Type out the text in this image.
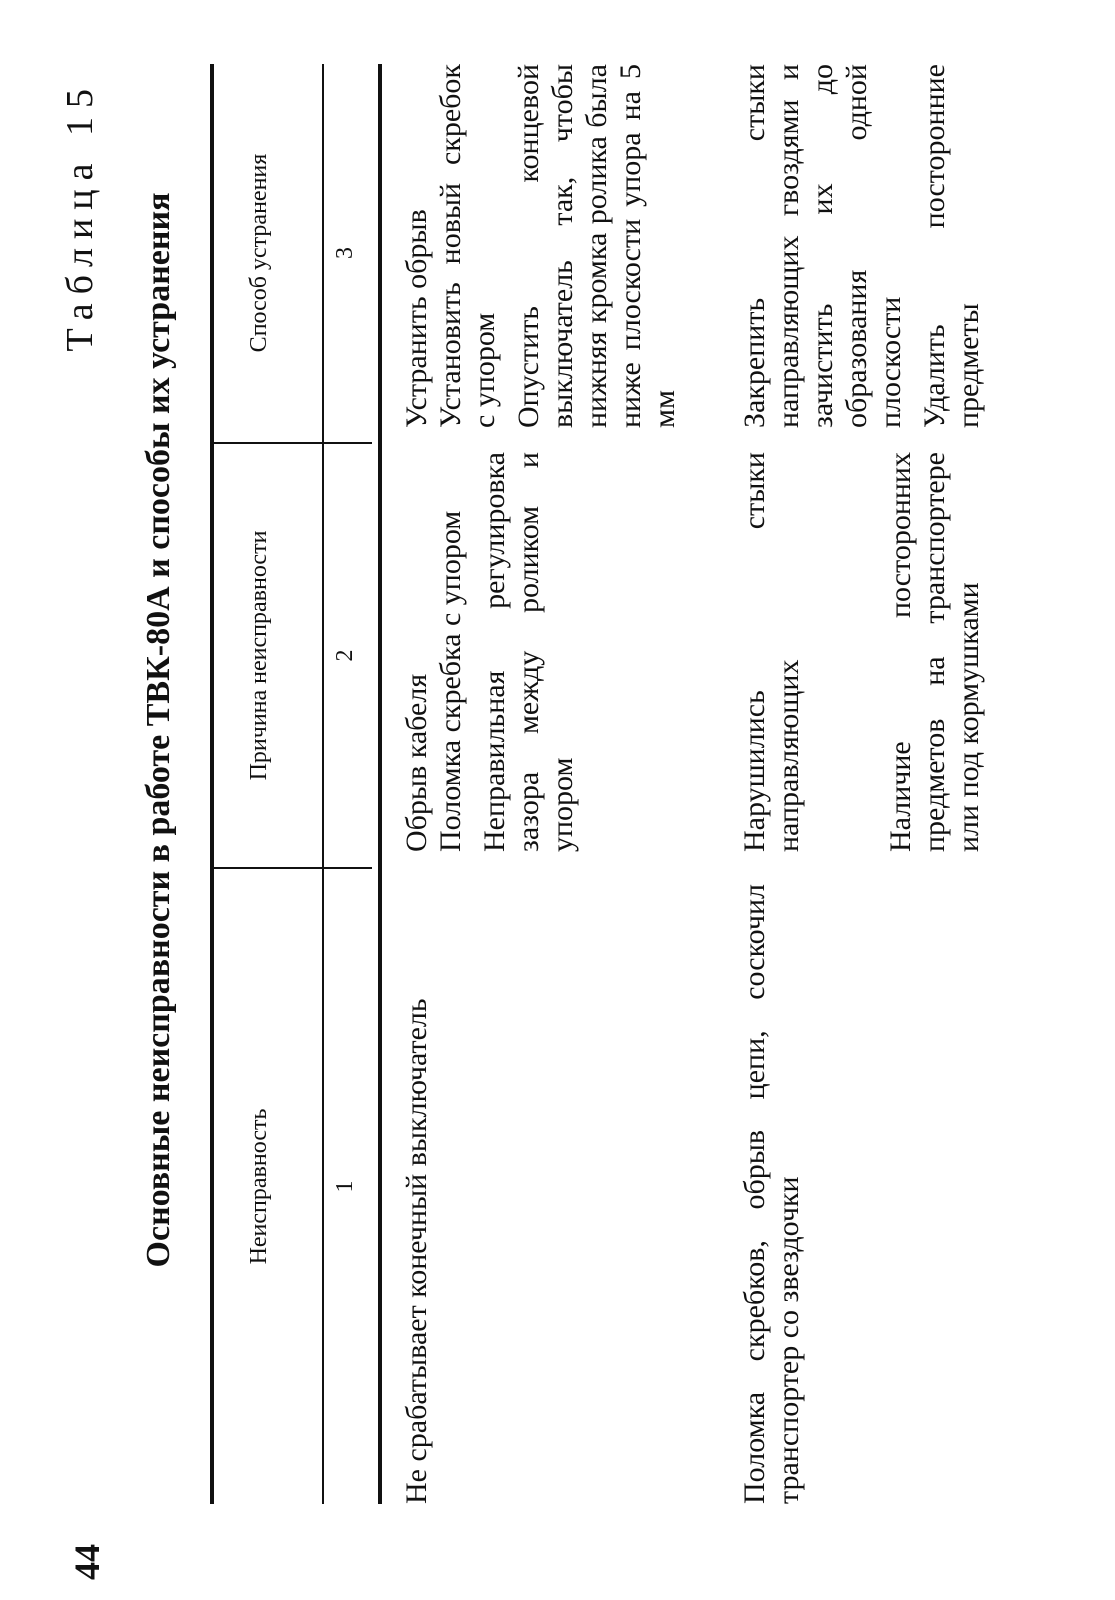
44
Таблица 15 Основные неисправности в работе ТВК-80А и способы их устранения	Неисправность
Причина неисправности
Способ устранения
1
2
3
Не срабатывает конечный выключатель
Обрыв кабеля Поломка скребка с упором Неправильная регулировка зазора между роликом и упором
Устранить обрыв Установить новый скребок с упором Опустить концевой выключатель так, чтобы нижняя кромка ролика была ниже плоскости упора на 5 мм
Поломка скребков, обрыв цепи, соскочил транспортер со звездочки
Нарушились стыки направляющих	Наличие посторонних предметов на транспортере или под кормушками
Закрепить стыки направляющих гвоздями и зачистить их до образования одной плоскости Удалить посторонние предметы
